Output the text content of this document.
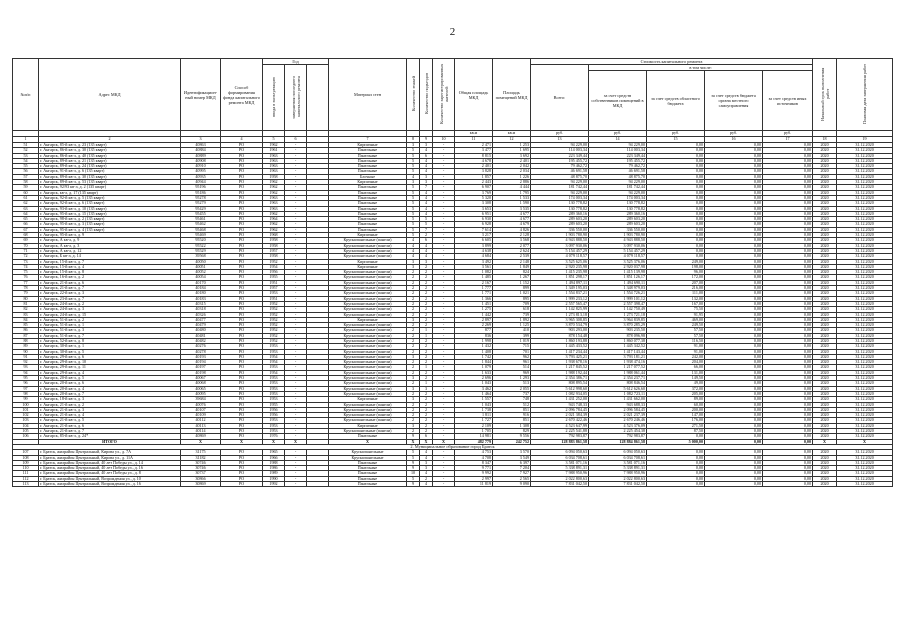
2
№п/п	Адрес МКД	Идентификацион-ный номер МКД	Способ формирования фонда капитального ремонта МКД	Год			Материал стен	Количество этажей	Количество подъездов	Количество зарегистрированных жителей	Общая площадь МКД	Площадь помещений МКД	Стоимость капитального ремонта					Начальный срок выполнения работ	Плановая дата завершения работ
				ввода в эксплуатацию	завершения последнего капитального ремонта								Всего:	в том числе:					
														за счет средств собственников помещений в МКД	за счет средств областного бюджета	за счет средств бюджета органа местного самоуправления	за счет средств иных источников		

											кв.м	кв.м	руб.	руб.	руб.	руб.	руб.		
1	2	3	4	5	6		7	8	9	10	11	12	13	14	15	16	17	18	19
51	г. Ангарск, 85-й кв-л, д. 23 (135 кварт)	40863	РО	1962	-		Кирпичные	3	3	-	2 471	1 253	94 229,00	94 229,00	0,00	0,00	0,00	2020	31.12.2020
52	г. Ангарск, 86-й кв-л, д. 30 (135 кварт)	40884	РО	1961	-		Панельные	5	4	-	3 477	1 695	114 003,34	114 003,34	0,00	0,00	0,00	2020	31.12.2020
53	г. Ангарск, 86-й кв-л, д. 40 (135 кварт)	40889	РО	1963	-		Панельные	5	6	-	8 815	3 692	223 349,44	223 349,44	0,00	0,00	0,00	2020	31.12.2020
54	г. Ангарск, 89-й кв-л, д. 21 (135 кварт)	40908	РО	1963	-		Панельные	5	4	-	4 678	2 401	195 455,72	195 455,72	0,00	0,00	0,00	2020	31.12.2020
55	г. Ангарск, 89-й кв-л, д. 24 (135 кварт)	40910	РО	1963	-		Панельные	5	4	-	2 401	2 042	79 462,72	79 462,72	0,00	0,00	0,00	2020	31.12.2020
56	г. Ангарск, 91-й кв-л, д. 6 (135 кварт)	40995	РО	1963	-		Панельные	5	4	-	3 828	2 034	46 691,58	46 691,58	0,00	0,00	0,00	2020	31.12.2020
57	г. Ангарск, 89-й кв-л, д. 30 (135 кварт)	40935	РО	1958	-		Блочные	4	3	-	1 857	1 226	48 875,70	48 875,70	0,00	0,00	0,00	2020	31.12.2020
58	г. Ангарск, 89-й кв-л, д. 53 (135 кварт)	40944	РО	1962	-		Кирпичные	3	3	-	2 443	2 886	94 229,00	94 229,00	0,00	0,00	0,00	2020	31.12.2020
59	г. Ангарск, 92/93 кв-л, д. 2 (135 кварт)	95196	РО	1962	-		Панельные	5	7	-	6 907	4 444	181 742,44	181 742,44	0,00	0,00	0,00	2020	31.12.2020
60	г. Ангарск, кв-л, д. 17 (135 кварт)	95186	РО	1962	-		Панельные	5	4	-	3 769	1 795	94 229,00	94 229,00	0,00	0,00	0,00	2020	31.12.2020
61	г. Ангарск, 92-й кв-л, д. 5 (135 кварт)	95278	РО	1963	-		Панельные	5	4	-	5 320	1 533	174 003,34	174 003,34	0,00	0,00	0,00	2020	31.12.2020
62	г. Ангарск, 92-й кв-л, д. 6 (135 кварт)	95279	РО	1963	-		Панельные	5	4	-	3 308	1 590	130 778,82	130 778,82	0,00	0,00	0,00	2020	31.12.2020
63	г. Ангарск, 93-й кв-л, д. 10 (135 кварт)	95429	РО	1963	-		Панельные	5	4	-	3 653	3 535	130 778,82	130 778,82	0,00	0,00	0,00	2020	31.12.2020
64	г. Ангарск, 95-й кв-л, д. 15 (135 кварт)	95455	РО	1962	-		Панельные	5	4	-	6 951	4 677	289 360,16	289 360,16	0,00	0,00	0,00	2020	31.12.2020
65	г. Ангарск, 98-й кв-л, д. 2 (135 кварт)	95461	РО	1964	-		Панельные	5	5	-	6 930	4 677	289 603,20	289 603,20	0,00	0,00	0,00	2020	31.12.2020
66	г. Ангарск, 95-й кв-л, д. 3 (135 кварт)	95462	РО	1962	-		Панельные	5	5	-	6 928	4 679	289 603,20	289 603,20	0,00	0,00	0,00	2020	31.12.2020
67	г. Ангарск, 95-й кв-л, д. 4 (135 кварт)	95468	РО	1962	-		Панельные	5	7	-	7 614	4 826	336 550,00	336 550,00	0,00	0,00	0,00	2020	31.12.2020
68	г. Ангарск, 95-й кв-л, д. 9	95469	РО	1968	-		Кирпичные	5	2	-	3 217	2 128	1 903 780,90	1 903 780,90	0,00	0,00	0,00	2020	31.12.2020
69	г. Ангарск, А кв-л, д. 9	95520	РО	1958	-		Крупнопанельные (панели)	4	6	-	6 605	3 568	4 943 888,50	4 943 888,50	0,00	0,00	0,00	2020	31.12.2020
70	г. Ангарск, А кв-л, д. 3	95522	РО	1958	-		Крупнопанельные (панели)	4	4	-	3 899	2 077	3 097 930,06	3 097 930,06	0,00	0,00	0,00	2020	31.12.2020
71	г. Ангарск, А кв-л, д. 12	95529	РО	1957	-		Крупнопанельные (панели)	4	4	-	4 638	2 624	5 154 457,29	5 154 457,29	0,00	0,00	0,00	2020	31.12.2020
72	г. Ангарск, Б кв-л, д. 14	39568	РО	1958	-		Крупнопанельные (панели)	4	4	-	4 684	2 539	4 079 118,57	4 079 118,57	0,00	0,00	0,00	2020	31.12.2020
73	г. Ангарск, 15-й кв-л, д. 7	40050	РО	1952	-		Кирпичные	3	3	-	3 492	2 148	3 525 625,06	3 525 376,06	249,00	0,00	0,00	2020	31.12.2020
74	г. Ангарск, 15-й кв-л, д. 4	40051	РО	1954	-		Кирпичные	3	2	-	3 561	1 849	2 920 235,98	2 920 037,98	198,00	0,00	0,00	2020	31.12.2020
75	г. Ангарск, 15-й кв-л, д. 8	40052	РО	1956	-		Крупнопанельные (панели)	2	2	-	1 082	824	1 415 235,98	1 415 139,98	96,00	0,00	0,00	2020	31.12.2020
76	г. Ангарск, 16-й кв-л, д. 2	40054	РО	1955	-		Крупнопанельные (панели)	2	2	-	1 485	1 267	1 851 298,17	1 851 126,17	172,00	0,00	0,00	2020	31.12.2020
77	г. Ангарск, 21-й кв-л, д. 6	40170	РО	1951	-		Крупнопанельные (панели)	2	2	-	2 167	1 152	1 494 897,11	1 494 690,11	207,00	0,00	0,00	2020	31.12.2020
78	г. Ангарск, 21-й кв-л, д. 7	40184	РО	1957	-		Крупнопанельные (панели)	2	2	-	1 777	899	1 349 195,03	1 348 979,03	216,00	0,00	0,00	2020	31.12.2020
79	г. Ангарск, 22-й кв-л, д. 3	40180	РО	1953	-		Крупнопанельные (панели)	2	2	-	1 771	1 021	1 554 837,21	1 554 726,21	111,00	0,00	0,00	2020	31.12.2020
80	г. Ангарск, 23-й кв-л, д. 7	40183	РО	1951	-		Крупнопанельные (панели)	2	2	-	1 366	895	1 999 233,12	1 999 101,12	132,00	0,00	0,00	2020	31.12.2020
81	г. Ангарск, 24-й кв-л, д. 2	40315	РО	1952	-		Крупнопанельные (панели)	2	2	-	1 451	709	2 557 565,47	2 557 398,47	167,00	0,00	0,00	2020	31.12.2020
82	г. Ангарск, 24-й кв-л, д. 3	40318	РО	1952	-		Крупнопанельные (панели)	2	2	-	1 275	618	1 142 825,99	1 142 750,49	75,50	0,00	0,00	2020	31.12.2020
83	г. Ангарск, 24-й кв-л, д. 15	40326	РО	1952	-		Крупнопанельные (панели)	2	2	-	1 442	739	1 273 813,18	1 273 721,18	91,95	0,00	0,00	2020	31.12.2020
84	г. Ангарск, 51-й кв-л, д. 2	40477	РО	1952	-		Кирпичные	3	2	-	2 897	1 892	3 965 308,85	3 964 839,85	469,00	0,00	0,00	2020	31.12.2020
85	г. Ангарск, 51-й кв-л, д. 1	40479	РО	1952	-		Крупнопанельные (панели)	2	2	-	2 269	1 125	3 870 534,79	3 870 285,29	249,50	0,00	0,00	2020	31.12.2020
86	г. Ангарск, 51-й кв-л, д. 3	40480	РО	1952	-		Крупнопанельные (панели)	2	1	-	877	410	903 293,00	903 235,50	57,50	0,00	0,00	2020	31.12.2020
87	г. Ангарск, 51-й кв-л, д. 7	40481	РО	1952	-		Крупнопанельные (панели)	2	1	-	836	399	878 154,48	878 096,98	57,50	0,00	0,00	2020	31.12.2020
88	г. Ангарск, 52-й кв-л, д. 8	40482	РО	1952	-		Крупнопанельные (панели)	2	2	-	1 998	1 019	1 860 193,88	1 860 077,38	116,50	0,00	0,00	2020	31.12.2020
89	г. Ангарск, 30-й кв-л, д. 1	40276	РО	1953	-		Крупнопанельные (панели)	2	2	-	1 432	715	1 445 433,52	1 445 342,52	91,00	0,00	0,00	2020	31.12.2020
90	г. Ангарск, 30-й кв-л, д. 5	40278	РО	1953	-		Крупнопанельные (панели)	2	2	-	1 408	701	1 417 234,44	1 417 143,44	91,00	0,00	0,00	2020	31.12.2020
91	г. Ангарск, 29-й кв-л, д. 6	40193	РО	1954	-		Крупнопанельные (панели)	3	2	-	1 742	962	3 793 425,21	3 793 181,21	242,00	0,00	0,00	2020	31.12.2020
92	г. Ангарск, 29-й кв-л, д. 10	40194	РО	1954	-		Крупнопанельные (панели)	2	2	-	1 844	961	1 938 678,16	1 938 474,16	204,00	0,00	0,00	2020	31.12.2020
93	г. Ангарск, 29-й кв-л, д. 11	40197	РО	1953	-		Крупнопанельные (панели)	2	1	-	1 079	514	1 217 845,52	1 217 077,52	66,00	0,00	0,00	2020	31.12.2020
94	г. Ангарск, 29-й кв-л, д. 4	40198	РО	1954	-		Крупнопанельные (панели)	2	2	-	1 633	969	1 988 192,44	1 988 061,44	131,00	0,00	0,00	2020	31.12.2020
95	г. Ангарск, 20-й кв-л, д. 5	40067	РО	1953	-		Крупнопанельные (панели)	3	2	-	2 696	1 293	2 354 386,71	2 354 237,71	149,50	0,00	0,00	2020	31.12.2020
96	г. Ангарск, 20-й кв-л, д. 6	40068	РО	1953	-		Крупнопанельные (панели)	2	1	-	1 043	513	808 895,54	808 846,54	49,00	0,00	0,00	2020	31.12.2020
97	г. Ангарск, 20-й кв-л, д. 4	40065	РО	1953	-		Крупнопанельные (панели)	3	3	-	3 462	2 055	5 612 998,60	5 612 626,60	372,00	0,00	0,00	2020	31.12.2020
98	г. Ангарск, 20-й кв-л, д. 7	40095	РО	1953	-		Крупнопанельные (панели)	2	2	-	1 464	737	1 082 934,05	1 082 723,11	205,00	0,00	0,00	2020	31.12.2020
99	г. Ангарск, 18-й кв-л, д. 3	39684	РО	1953	-		Кирпичные	3	2	-	1 557	748	1 431 252,00	1 431 662,00	89,00	0,00	0,00	2020	31.12.2020
100	г. Ангарск, 21-й кв-л, д. 2	40076	РО	1955	-		Крупнопанельные (панели)	2	2	-	1 043	512	943 748,33	943 688,33	60,00	0,00	0,00	2020	31.12.2020
101	г. Ангарск, 21-й кв-л, д. 3	40107	РО	1956	-		Крупнопанельные (панели)	2	2	-	1 738	851	2 096 784,45	2 096 584,45	200,00	0,00	0,00	2020	31.12.2020
102	г. Ангарск, 21-й кв-л, д. 4	40109	РО	1956	-		Крупнопанельные (панели)	2	2	-	1 811	916	2 021 384,39	2 021 237,39	147,00	0,00	0,00	2020	31.12.2020
103	г. Ангарск, 21-й кв-л, д. 5	40112	РО	1953	-		Крупнопанельные (панели)	2	2	-	1 727	851	2 670 422,46	2 670 246,46	176,00	0,00	0,00	2020	31.12.2020
104	г. Ангарск, 21-й кв-л, д. 6	40113	РО	1953	-		Кирпичные	3	2	-	2 109	1 308	4 523 647,99	4 523 376,09	271,50	0,00	0,00	2020	31.12.2020
105	г. Ангарск, 21-й кв-л, д. 7	40114	РО	1953	-		Крупнопанельные (панели)	2	2	-	1 705	829	2 225 541,88	2 225 454,38	87,50	0,00	0,00	2020	31.12.2020
106	г. Ангарск, 85-й кв-л, д. 24*	40869	РО	1976	-		Панельные	9	6	-	14 981	9 556	792 983,87	792 983,87	0,00	0,00	0,00	2020	31.12.2020
	ИТОГО	X	X	X	X		X	X	X	X	482 779	242 752	128 883 861,58	128 884 861,58	5 000,00	0,00	0,00	X	X
2. Муниципальное образование город Братск																			
107	г. Братск, жилрайон Центральный, Кирова ул., д. 7А	31175	РО	1965	-		Крупнопанельные	5	4	-	4 753	3 570	6 094 050,63	6 094 050,63	0,00	0,00	0,00	2020	31.12.2020
108	г. Братск, жилрайон Центральный, Кирова ул., д. 11А	31182	РО	1966	-		Крупнопанельные	5	4	-	4 708	3 549	6 034 708,61	6 034 708,61	0,00	0,00	0,00	2020	31.12.2020
109	г. Братск, жилрайон Центральный, 40 лет Победы ул., д. 14	30746	РО	1988	-		Панельные	9	3	-	8 347	6 397	3 581 071,16	3 581 071,16	0,00	0,00	0,00	2020	31.12.2020
110	г. Братск, жилрайон Центральный, 40 лет Победы ул., д. 16	30746	РО	1986	-		Панельные	9	3	-	9 771	7 204	5 338 891,31	5 338 891,31	0,00	0,00	0,00	2020	31.12.2020
111	г. Братск, жилрайон Центральный, 40 лет Победы ул., д. 8	30737	РО	1989	-		Панельные	10	4	-	9 992	7 927	7 988 950,96	7 988 950,96	0,00	0,00	0,00	2020	31.12.2020
112	г. Братск, жилрайон Центральный, Возрождения ул., д. 10	30866	РО	1990	-		Панельные	5	2	-	2 997	2 565	2 022 800,63	2 022 800,63	0,00	0,00	0,00	2020	31.12.2020
113	г. Братск, жилрайон Центральный, Возрождения ул., д. 16	30869	РО	1992	-		Панельные	9	4	-	11 819	9 090	7 831 042,50	7 831 042,50	0,00	0,00	0,00	2020	31.12.2020
